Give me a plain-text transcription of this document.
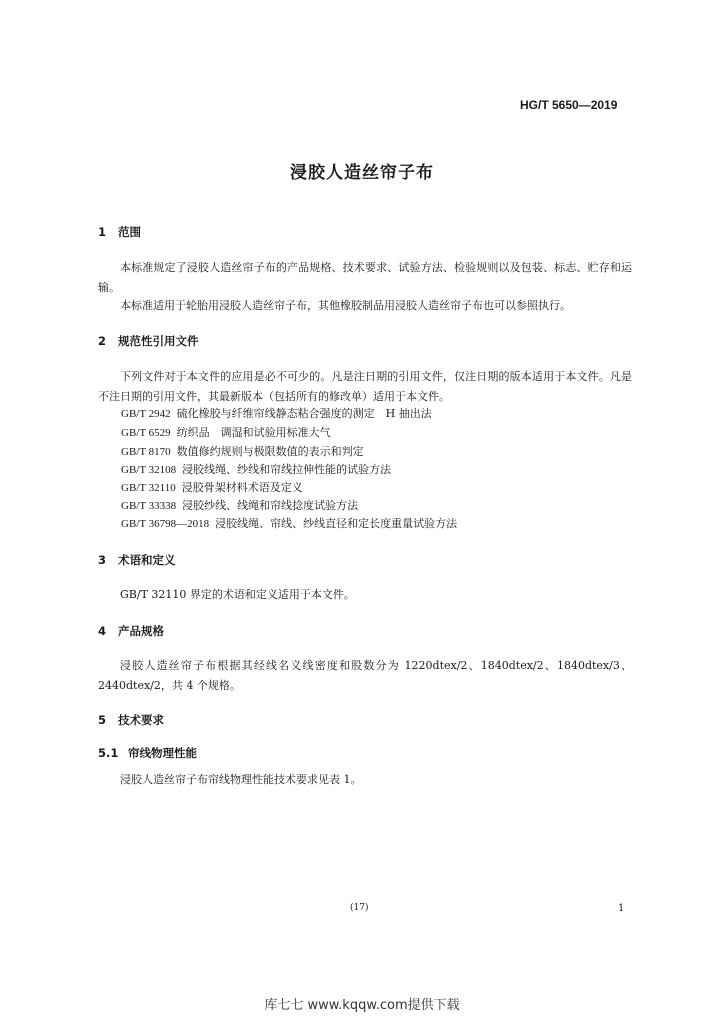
HG/T 5650—2019
浸胶人造丝帘子布
1 范围
本标准规定了浸胶人造丝帘子布的产品规格、技术要求、试验方法、检验规则以及包装、标志、贮存和运输。
本标准适用于轮胎用浸胶人造丝帘子布，其他橡胶制品用浸胶人造丝帘子布也可以参照执行。
2 规范性引用文件
下列文件对于本文件的应用是必不可少的。凡是注日期的引用文件，仅注日期的版本适用于本文件。凡是不注日期的引用文件，其最新版本（包括所有的修改单）适用于本文件。
GB/T 2942 硫化橡胶与纤维帘线静态粘合强度的测定　H 抽出法
GB/T 6529 纺织品　调湿和试验用标准大气
GB/T 8170 数值修约规则与极限数值的表示和判定
GB/T 32108 浸胶线绳、纱线和帘线拉伸性能的试验方法
GB/T 32110 浸胶骨架材料术语及定义
GB/T 33338 浸胶纱线、线绳和帘线捻度试验方法
GB/T 36798—2018 浸胶线绳、帘线、纱线直径和定长度重量试验方法
3 术语和定义
GB/T 32110 界定的术语和定义适用于本文件。
4 产品规格
浸胶人造丝帘子布根据其经线名义线密度和股数分为 1220dtex/2、1840dtex/2、1840dtex/3、2440dtex/2，共 4 个规格。
5 技术要求
5.1 帘线物理性能
浸胶人造丝帘子布帘线物理性能技术要求见表 1。
(17)	1
库七七 www.kqqw.com提供下载
